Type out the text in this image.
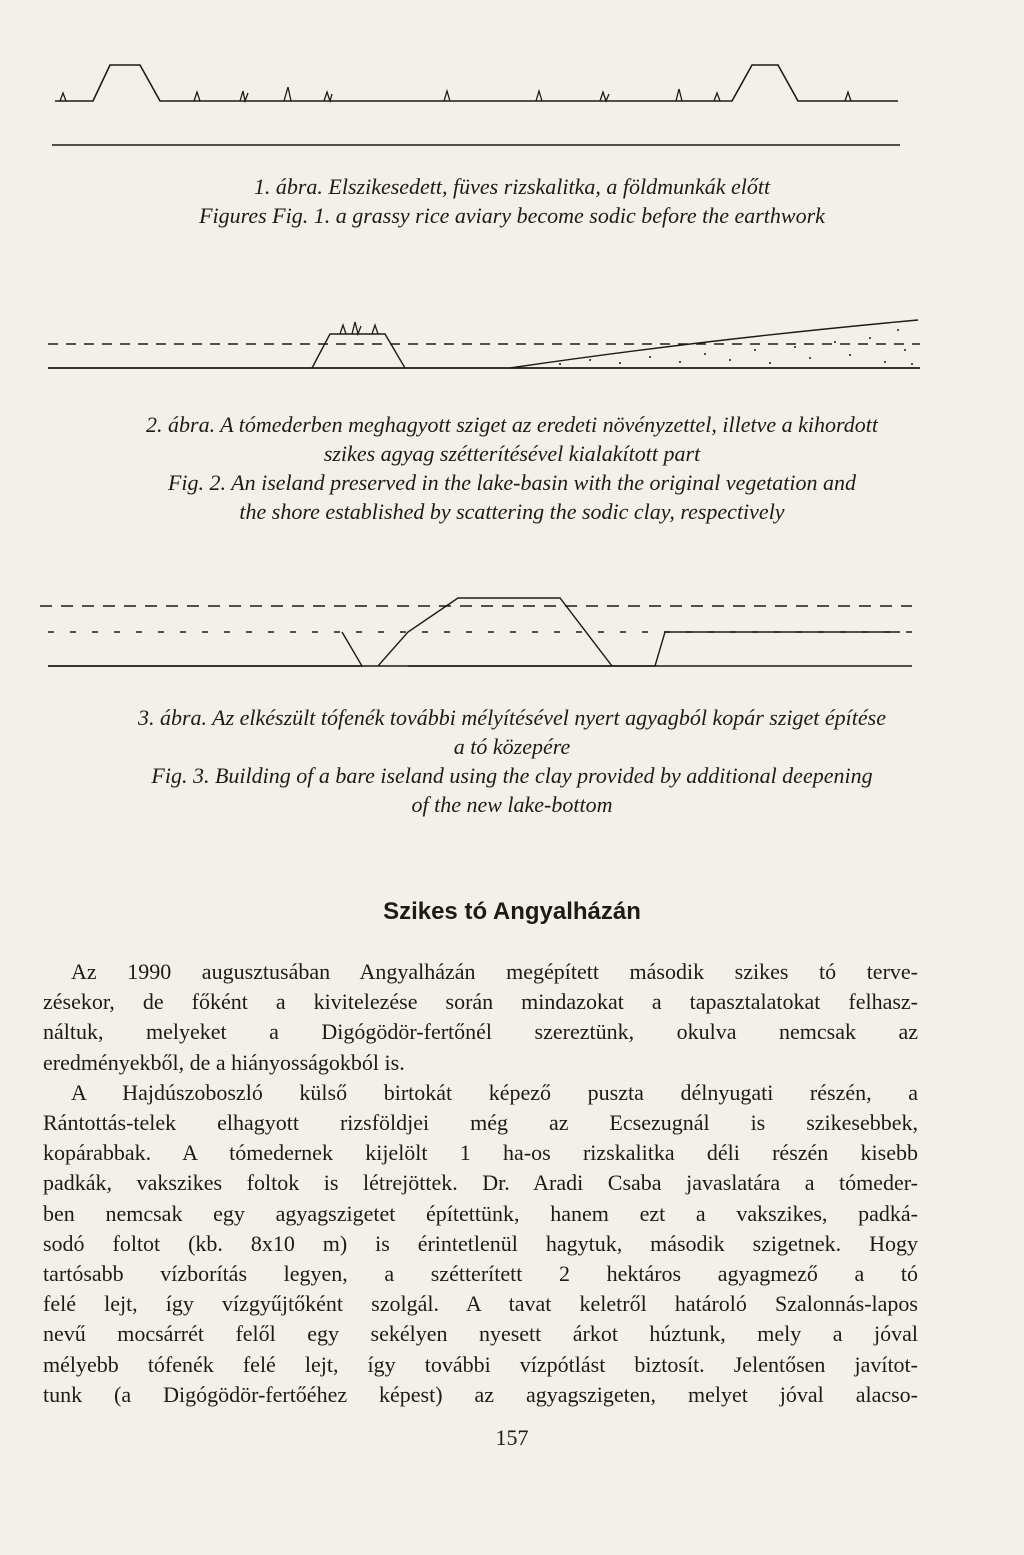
1. ábra. Elszikesedett, füves rizskalitka, a földmunkák előtt
Figures Fig. 1. a grassy rice aviary become sodic before the earthwork
2. ábra. A tómederben meghagyott sziget az eredeti növényzettel, illetve a kihordott
szikes agyag szétterítésével kialakított part
Fig. 2. An iseland preserved in the lake-basin with the original vegetation and
the shore established by scattering the sodic clay, respectively
3. ábra. Az elkészült tófenék további mélyítésével nyert agyagból kopár sziget építése
a tó közepére
Fig. 3. Building of a bare iseland using the clay provided by additional deepening
of the new lake-bottom
Szikes tó Angyalházán

Az 1990 augusztusában Angyalházán megépített második szikes tó terve-
zésekor, de főként a kivitelezése során mindazokat a tapasztalatokat felhasz-
náltuk, melyeket a Digógödör-fertőnél szereztünk, okulva nemcsak az
eredményekből, de a hiányosságokból is.

A Hajdúszoboszló külső birtokát képező puszta délnyugati részén, a
Rántottás-telek elhagyott rizsföldjei még az Ecsezugnál is szikesebbek,
kopárabbak. A tómedernek kijelölt 1 ha-os rizskalitka déli részén kisebb
padkák, vakszikes foltok is létrejöttek. Dr. Aradi Csaba javaslatára a tómeder-
ben nemcsak egy agyagszigetet építettünk, hanem ezt a vakszikes, padká-
sodó foltot (kb. 8x10 m) is érintetlenül hagytuk, második szigetnek. Hogy
tartósabb vízborítás legyen, a szétterített 2 hektáros agyagmező a tó
felé lejt, így vízgyűjtőként szolgál. A tavat keletről határoló Szalonnás-lapos
nevű mocsárrét felől egy sekélyen nyesett árkot húztunk, mely a jóval
mélyebb tófenék felé lejt, így további vízpótlást biztosít. Jelentősen javítot-
tunk (a Digógödör-fertőéhez képest) az agyagszigeten, melyet jóval alacso-

157
